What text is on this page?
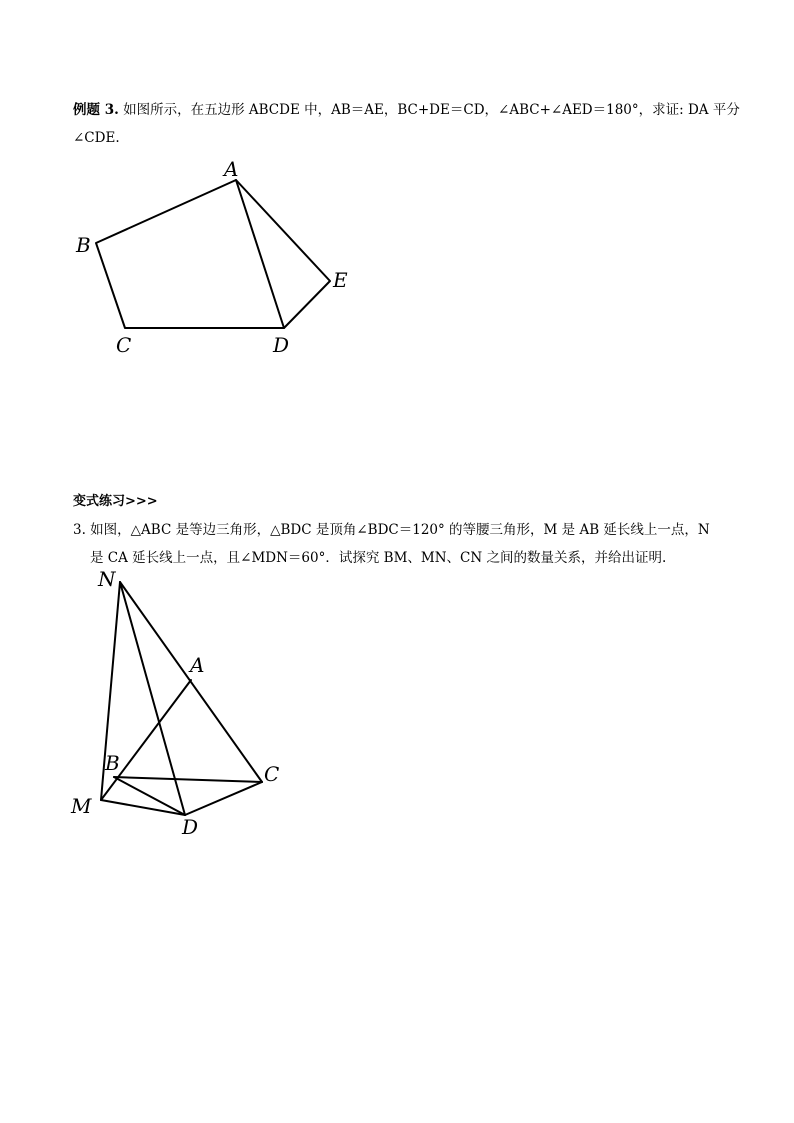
例题 3. 如图所示，在五边形 ABCDE 中，AB＝AE，BC+DE＝CD，∠ABC+∠AED＝180°，求证: DA 平分
∠CDE.
A
B
C	D
E
变式练习>>>
3. 如图，△ABC 是等边三角形，△BDC 是顶角∠BDC＝120° 的等腰三角形，M 是 AB 延长线上一点，N
是 CA 延长线上一点，且∠MDN＝60°．试探究 BM、MN、CN 之间的数量关系，并给出证明.
N
A
B	C
M
D
